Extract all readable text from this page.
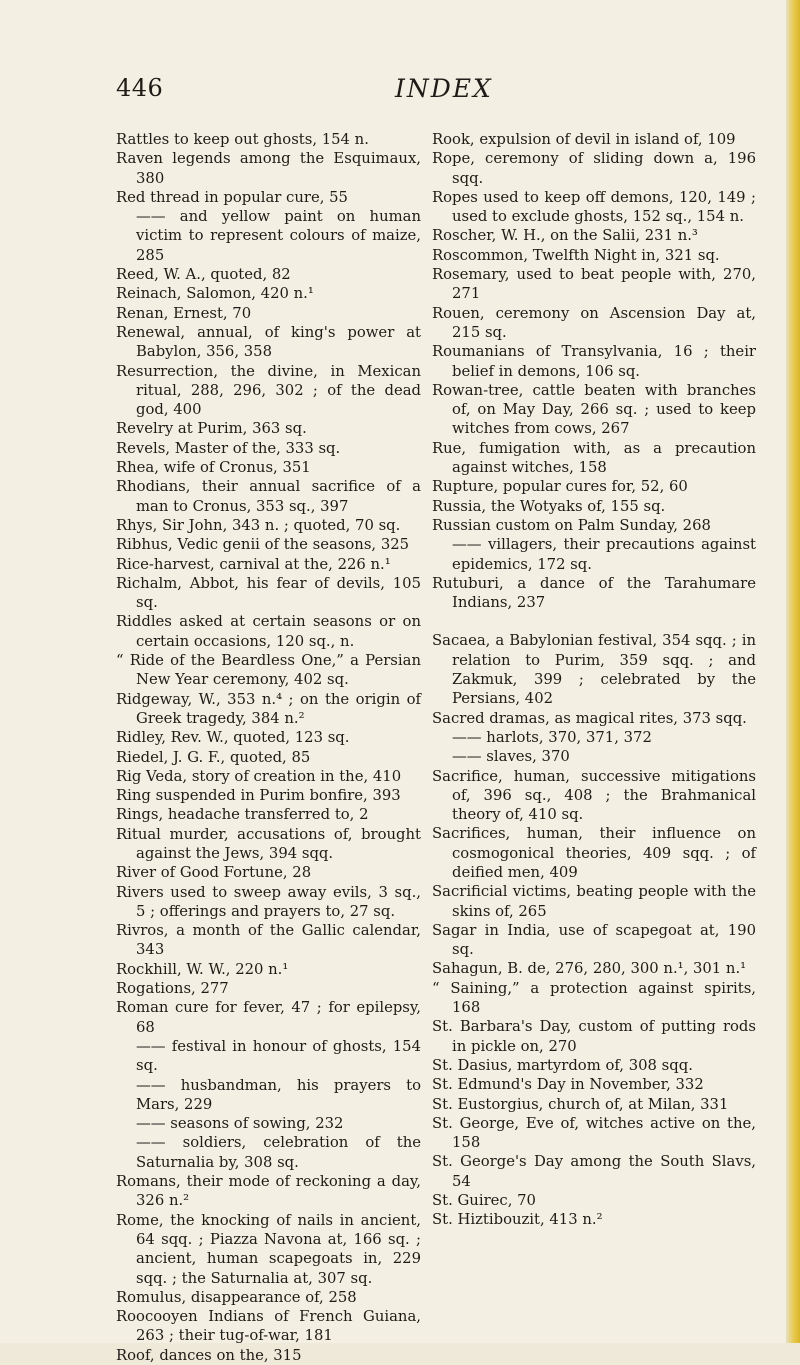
446	INDEX
Rattles to keep out ghosts, 154 n.
Raven legends among the Esquimaux, 380
Red thread in popular cure, 55
—— and yellow paint on human victim to represent colours of maize, 285
Reed, W. A., quoted, 82
Reinach, Salomon, 420 n.¹
Renan, Ernest, 70
Renewal, annual, of king's power at Babylon, 356, 358
Resurrection, the divine, in Mexican ritual, 288, 296, 302 ; of the dead god, 400
Revelry at Purim, 363 sq.
Revels, Master of the, 333 sq.
Rhea, wife of Cronus, 351
Rhodians, their annual sacrifice of a man to Cronus, 353 sq., 397
Rhys, Sir John, 343 n. ; quoted, 70 sq.
Ribhus, Vedic genii of the seasons, 325
Rice-harvest, carnival at the, 226 n.¹
Richalm, Abbot, his fear of devils, 105 sq.
Riddles asked at certain seasons or on certain occasions, 120 sq., n.
“ Ride of the Beardless One,” a Persian New Year ceremony, 402 sq.
Ridgeway, W., 353 n.⁴ ; on the origin of Greek tragedy, 384 n.²
Ridley, Rev. W., quoted, 123 sq.
Riedel, J. G. F., quoted, 85
Rig Veda, story of creation in the, 410
Ring suspended in Purim bonfire, 393
Rings, headache transferred to, 2
Ritual murder, accusations of, brought against the Jews, 394 sqq.
River of Good Fortune, 28
Rivers used to sweep away evils, 3 sq., 5 ; offerings and prayers to, 27 sq.
Rivros, a month of the Gallic calendar, 343
Rockhill, W. W., 220 n.¹
Rogations, 277
Roman cure for fever, 47 ; for epilepsy, 68
—— festival in honour of ghosts, 154 sq.
—— husbandman, his prayers to Mars, 229
—— seasons of sowing, 232
—— soldiers, celebration of the Saturnalia by, 308 sq.
Romans, their mode of reckoning a day, 326 n.²
Rome, the knocking of nails in ancient, 64 sqq. ; Piazza Navona at, 166 sq. ; ancient, human scapegoats in, 229 sqq. ; the Saturnalia at, 307 sq.
Romulus, disappearance of, 258
Roocooyen Indians of French Guiana, 263 ; their tug-of-war, 181
Roof, dances on the, 315
Rook, expulsion of devil in island of, 109
Rope, ceremony of sliding down a, 196 sqq.
Ropes used to keep off demons, 120, 149 ; used to exclude ghosts, 152 sq., 154 n.
Roscher, W. H., on the Salii, 231 n.³
Roscommon, Twelfth Night in, 321 sq.
Rosemary, used to beat people with, 270, 271
Rouen, ceremony on Ascension Day at, 215 sq.
Roumanians of Transylvania, 16 ; their belief in demons, 106 sq.
Rowan-tree, cattle beaten with branches of, on May Day, 266 sq. ; used to keep witches from cows, 267
Rue, fumigation with, as a precaution against witches, 158
Rupture, popular cures for, 52, 60
Russia, the Wotyaks of, 155 sq.
Russian custom on Palm Sunday, 268
—— villagers, their precautions against epidemics, 172 sq.
Rutuburi, a dance of the Tarahumare Indians, 237
Sacaea, a Babylonian festival, 354 sqq. ; in relation to Purim, 359 sqq. ; and Zakmuk, 399 ; celebrated by the Persians, 402
Sacred dramas, as magical rites, 373 sqq.
—— harlots, 370, 371, 372
—— slaves, 370
Sacrifice, human, successive mitigations of, 396 sq., 408 ; the Brahmanical theory of, 410 sq.
Sacrifices, human, their influence on cosmogonical theories, 409 sqq. ; of deified men, 409
Sacrificial victims, beating people with the skins of, 265
Sagar in India, use of scapegoat at, 190 sq.
Sahagun, B. de, 276, 280, 300 n.¹, 301 n.¹
“ Saining,” a protection against spirits, 168
St. Barbara's Day, custom of putting rods in pickle on, 270
St. Dasius, martyrdom of, 308 sqq.
St. Edmund's Day in November, 332
St. Eustorgius, church of, at Milan, 331
St. George, Eve of, witches active on the, 158
St. George's Day among the South Slavs, 54
St. Guirec, 70
St. Hiztibouzit, 413 n.²
